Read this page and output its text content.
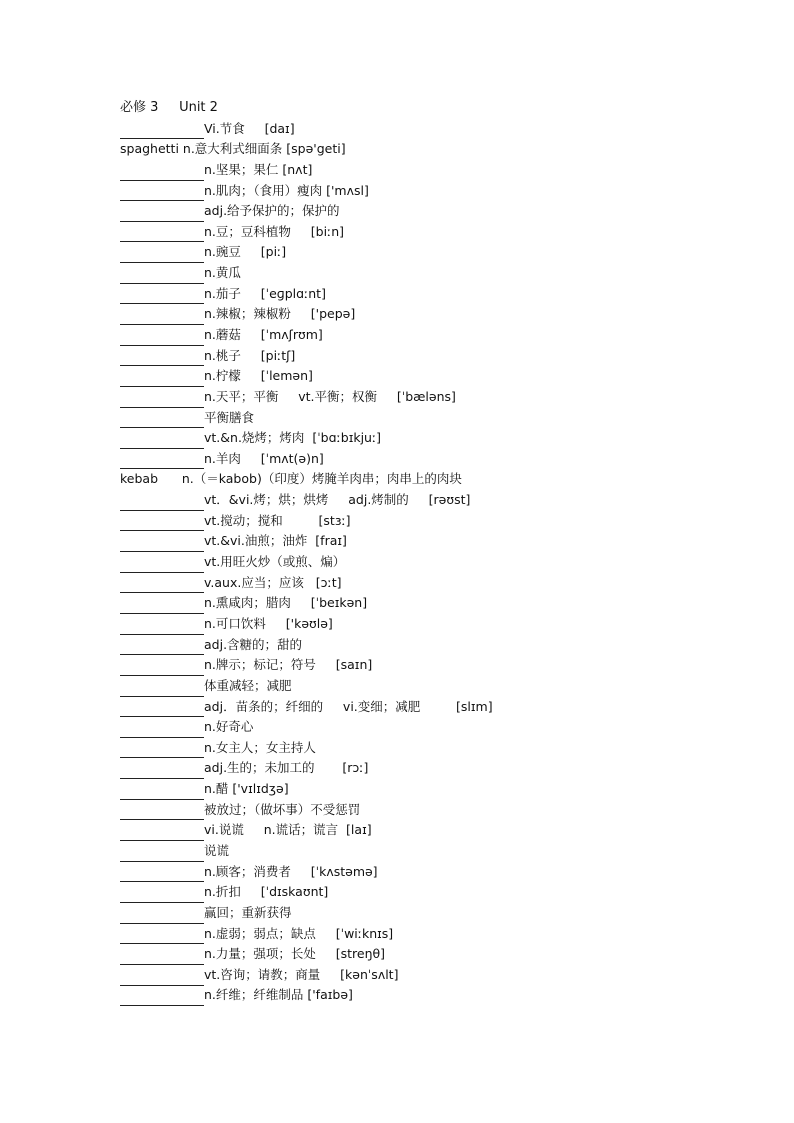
必修 3     Unit 2
Vi.节食     [daɪ]
spaghetti n.意大利式细面条 [spə'geti]
n.坚果；果仁 [nʌt]
n.肌肉；（食用）瘦肉 ['mʌsl]
adj.给予保护的；保护的
n.豆；豆科植物     [biːn]
n.豌豆     [piː]
n.黄瓜
n.茄子     [ˈeɡplɑːnt]
n.辣椒；辣椒粉     ['pepə]
n.蘑菇     [ˈmʌʃrʊm]
n.桃子     [piːtʃ]
n.柠檬     [ˈlemən]
n.天平；平衡     vt.平衡；权衡     [ˈbæləns]
平衡膳食
vt.&n.烧烤；烤肉  [ˈbɑːbɪkjuː]
n.羊肉     [ˈmʌt(ə)n]
kebab n.（＝kabob)（印度）烤腌羊肉串；肉串上的肉块
vt．&vi.烤；烘；烘烤     adj.烤制的     [rəʊst]
vt.搅动；搅和         [stɜː]
vt.&vi.油煎；油炸  [fraɪ]
vt.用旺火炒（或煎、煸）
v.aux.应当；应该   [ɔːt]
n.熏咸肉；腊肉     [ˈbeɪkən]
n.可口饮料     ['kəʊlə]
adj.含糖的；甜的
n.牌示；标记；符号     [saɪn]
体重减轻；减肥
adj．苗条的；纤细的     vi.变细；减肥         [slɪm]
n.好奇心
n.女主人；女主持人
adj.生的；未加工的       [rɔː]
n.醋 ['vɪlɪdʒə]
被放过；（做坏事）不受惩罚
vi.说谎     n.谎话；谎言  [laɪ]
说谎
n.顾客；消费者     [ˈkʌstəmə]
n.折扣     [ˈdɪskaʊnt]
赢回；重新获得
n.虚弱；弱点；缺点     [ˈwiːknɪs]
n.力量；强项；长处     [streŋθ]
vt.咨询；请教；商量     [kənˈsʌlt]
n.纤维；纤维制品 ['faɪbə]
